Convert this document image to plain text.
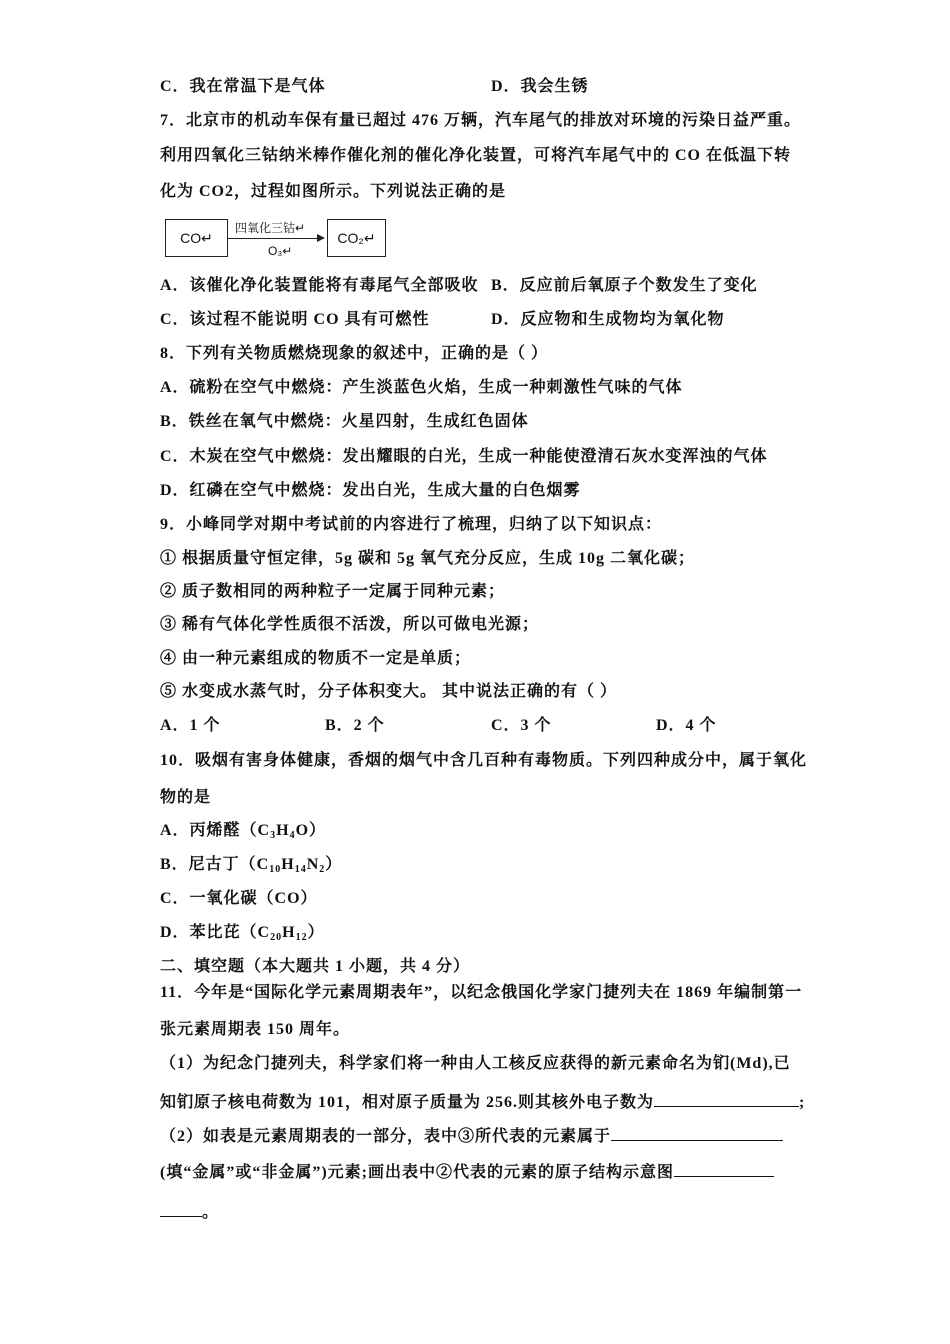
C．我在常温下是气体	D．我会生锈
7．北京市的机动车保有量已超过 476 万辆，汽车尾气的排放对环境的污染日益严重。
利用四氧化三钴纳米棒作催化剂的催化净化装置，可将汽车尾气中的 CO 在低温下转
化为 CO2，过程如图所示。下列说法正确的是
CO↵
四氧化三钴↵
O₃↵
CO₂↵
A．该催化净化装置能将有毒尾气全部吸收 B．反应前后氧原子个数发生了变化
C．该过程不能说明 CO 具有可燃性	D．反应物和生成物均为氧化物
8．下列有关物质燃烧现象的叙述中，正确的是（ ）
A．硫粉在空气中燃烧：产生淡蓝色火焰，生成一种刺激性气味的气体
B．铁丝在氧气中燃烧：火星四射，生成红色固体
C．木炭在空气中燃烧：发出耀眼的白光，生成一种能使澄清石灰水变浑浊的气体
D．红磷在空气中燃烧：发出白光，生成大量的白色烟雾
9．小峰同学对期中考试前的内容进行了梳理，归纳了以下知识点：
① 根据质量守恒定律，5g 碳和 5g 氧气充分反应，生成 10g 二氧化碳；
② 质子数相同的两种粒子一定属于同种元素；
③ 稀有气体化学性质很不活泼，所以可做电光源；
④ 由一种元素组成的物质不一定是单质；
⑤ 水变成水蒸气时，分子体积变大。 其中说法正确的有（ ）
A．1 个	B．2 个	C．3 个	D．4 个
10．吸烟有害身体健康，香烟的烟气中含几百种有毒物质。下列四种成分中，属于氧化
物的是
A．丙烯醛$(C_3H_4O)$
B．尼古丁$(C_{10}H_{14}N_2)$
C．一氧化碳（CO）
D．苯比芘$(C_{20}H_{12})$
二、填空题（本大题共 1 小题，共 4 分）
11．今年是“国际化学元素周期表年”，以纪念俄国化学家门捷列夫在 1869 年编制第一
张元素周期表 150 周年。
（1）为纪念门捷列夫，科学家们将一种由人工核反应获得的新元素命名为钔(Md),已
知钔原子核电荷数为 101，相对原子质量为 256.则其核外电子数为	;
（2）如表是元素周期表的一部分，表中③所代表的元素属于
(填“金属”或“非金属”)元素;画出表中②代表的元素的原子结构示意图
。
